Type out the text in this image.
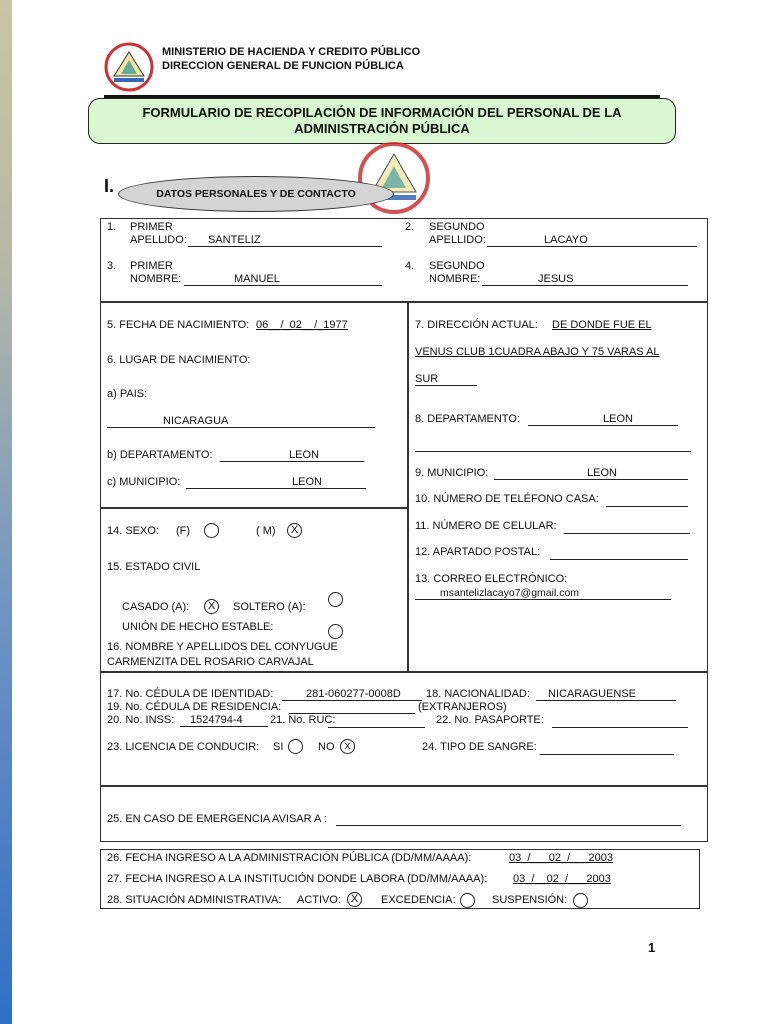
MINISTERIO DE HACIENDA Y CREDITO PÚBLICO
DIRECCION GENERAL DE FUNCION PÚBLICA
FORMULARIO DE RECOPILACIÓN DE INFORMACIÓN DEL PERSONAL DE LA
ADMINISTRACIÓN PÚBLICA
I.	DATOS PERSONALES Y DE CONTACTO
1. PRIMER
APELLIDO:	SANTELIZ
2. SEGUNDO
APELLIDO:	LACAYO
3. PRIMER
NOMBRE:	MANUEL
4. SEGUNDO
NOMBRE:	JESUS
5. FECHA DE NACIMIENTO: 06__/_02__/_1977
6. LUGAR DE NACIMIENTO:
a) PAIS:
NICARAGUA
b) DEPARTAMENTO:	LEON
c) MUNICIPIO:	LEON
14. SEXO: (F)	( M)	X
15. ESTADO CIVIL
CASADO (A):	X	SOLTERO (A):
UNIÓN DE HECHO ESTABLE:
16. NOMBRE Y APELLIDOS DEL CONYUGUE
CARMENZITA DEL ROSARIO CARVAJAL
7. DIRECCIÓN ACTUAL: DE DONDE FUE EL
VENUS CLUB 1CUADRA ABAJO Y 75 VARAS AL
SUR
8. DEPARTAMENTO:	LEON
9. MUNICIPIO:	LEON
10. NÚMERO DE TELÉFONO CASA:
11. NÚMERO DE CELULAR:
12. APARTADO POSTAL:
13. CORREO ELECTRÓNICO:
msantelizlacayo7@gmail.com
17. No. CÉDULA DE IDENTIDAD:	281-060277-0008D	18. NACIONALIDAD:	NICARAGUENSE
19. No. CÉDULA DE RESIDENCIA:	(EXTRANJEROS)
20. No. INSS:	1524794-4	21. No. RUC:	22. No. PASAPORTE:
23. LICENCIA DE CONDUCIR: SI	NO x	24. TIPO DE SANGRE:
25. EN CASO DE EMERGENCIA AVISAR A :
26. FECHA INGRESO A LA ADMINISTRACIÓN PÚBLICA (DD/MM/AAAA):	03_/___02_/___2003
27. FECHA INGRESO A LA INSTITUCIÓN DONDE LABORA (DD/MM/AAAA): 03_/__02_/___2003
28. SITUACIÓN ADMINISTRATIVA: ACTIVO: X	EXCEDENCIA:	SUSPENSIÓN:
1
